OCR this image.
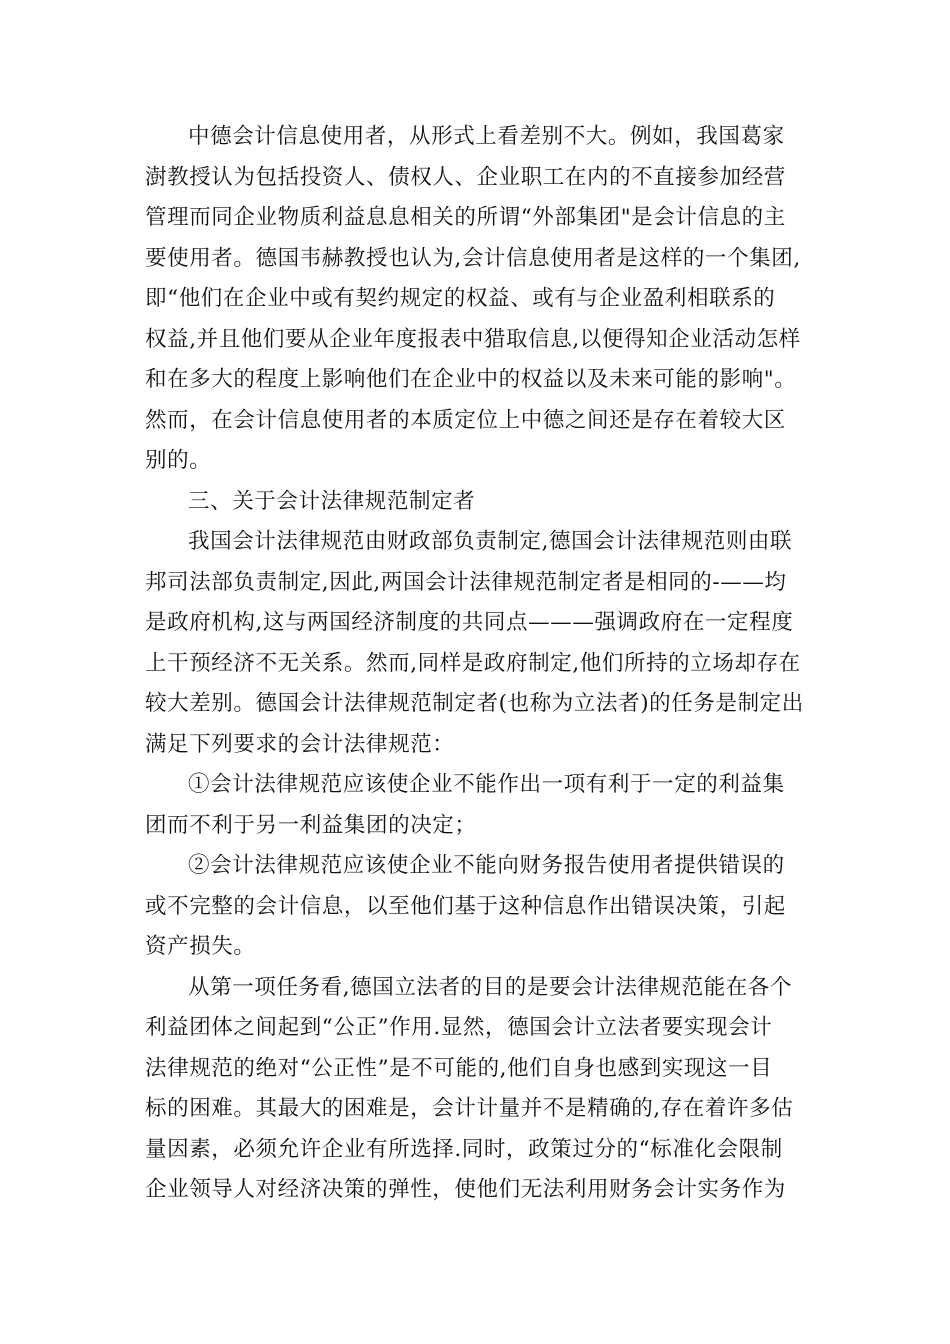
中德会计信息使用者，从形式上看差别不大。例如，我国葛家
澍教授认为包括投资人、债权人、企业职工在内的不直接参加经营
管理而同企业物质利益息息相关的所谓“外部集团"是会计信息的主
要使用者。德国韦赫教授也认为,会计信息使用者是这样的一个集团,
即“他们在企业中或有契约规定的权益、或有与企业盈利相联系的
权益,并且他们要从企业年度报表中猎取信息,以便得知企业活动怎样
和在多大的程度上影响他们在企业中的权益以及未来可能的影响"。
然而，在会计信息使用者的本质定位上中德之间还是存在着较大区
别的。

三、关于会计法律规范制定者

我国会计法律规范由财政部负责制定,德国会计法律规范则由联
邦司法部负责制定,因此,两国会计法律规范制定者是相同的-——均
是政府机构,这与两国经济制度的共同点———强调政府在一定程度
上干预经济不无关系。然而,同样是政府制定,他们所持的立场却存在
较大差别。德国会计法律规范制定者(也称为立法者)的任务是制定出
满足下列要求的会计法律规范：

①会计法律规范应该使企业不能作出一项有利于一定的利益集
团而不利于另一利益集团的决定；

②会计法律规范应该使企业不能向财务报告使用者提供错误的
或不完整的会计信息，以至他们基于这种信息作出错误决策，引起
资产损失。

从第一项任务看,德国立法者的目的是要会计法律规范能在各个
利益团体之间起到“公正”作用.显然，德国会计立法者要实现会计
法律规范的绝对“公正性”是不可能的,他们自身也感到实现这一目
标的困难。其最大的困难是，会计计量并不是精确的,存在着许多估
量因素，必须允许企业有所选择.同时，政策过分的“标准化会限制
企业领导人对经济决策的弹性，使他们无法利用财务会计实务作为
